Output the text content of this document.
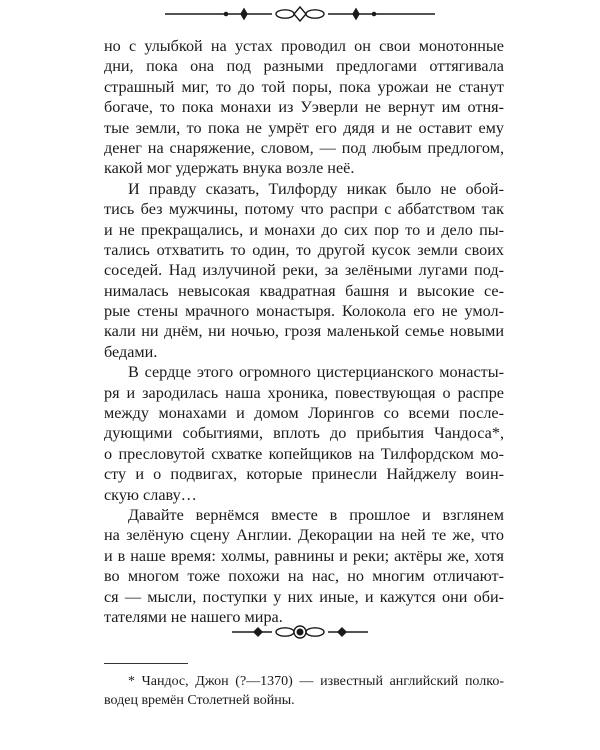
но с улыбкой на устах проводил он свои монотонные
дни, пока она под разными предлогами оттягивала
страшный миг, то до той поры, пока урожаи не станут
богаче, то пока монахи из Уэверли не вернут им отня-
тые земли, то пока не умрёт его дядя и не оставит ему
денег на снаряжение, словом, — под любым предлогом,
какой мог удержать внука возле неё.
И правду сказать, Тилфорду никак было не обой-
тись без мужчины, потому что распри с аббатством так
и не прекращались, и монахи до сих пор то и дело пы-
тались отхватить то один, то другой кусок земли своих
соседей. Над излучиной реки, за зелёными лугами под-
нималась невысокая квадратная башня и высокие се-
рые стены мрачного монастыря. Колокола его не умол-
кали ни днём, ни ночью, грозя маленькой семье новыми
бедами.
В сердце этого огромного цистерцианского монасты-
ря и зародилась наша хроника, повествующая о распре
между монахами и домом Лорингов со всеми после-
дующими событиями, вплоть до прибытия Чандоса*,
о пресловутой схватке копейщиков на Тилфордском мо-
сту и о подвигах, которые принесли Найджелу воин-
скую славу…
Давайте вернёмся вместе в прошлое и взглянем
на зелёную сцену Англии. Декорации на ней те же, что
и в наше время: холмы, равнины и реки; актёры же, хотя
во многом тоже похожи на нас, но многим отличают-
ся — мысли, поступки у них иные, и кажутся они оби-
тателями не нашего мира.
* Чандос, Джон (?—1370) — известный английский полко-
водец времён Столетней войны.
